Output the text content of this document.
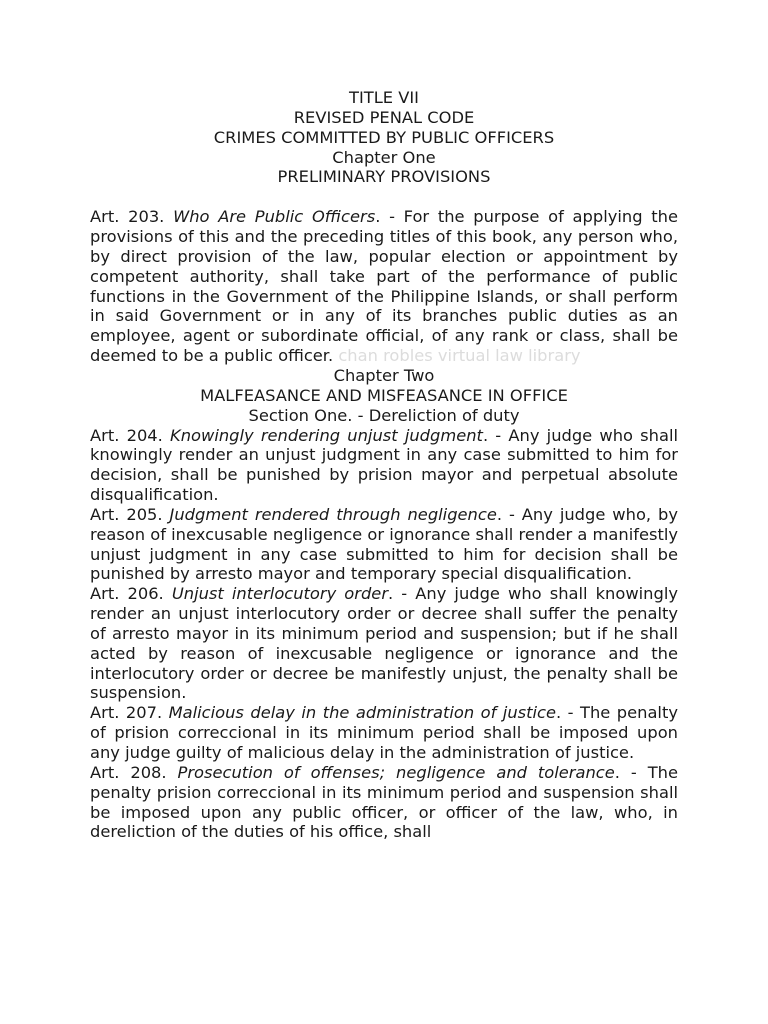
TITLE VII

REVISED PENAL CODE

CRIMES COMMITTED BY PUBLIC OFFICERS

Chapter One

PRELIMINARY PROVISIONS

Art. 203. Who Are Public Officers. - For the purpose of applying the provisions of this and the preceding titles of this book, any person who, by direct provision of the law, popular election or appointment by competent authority, shall take part of the performance of public functions in the Government of the Philippine Islands, or shall perform in said Government or in any of its branches public duties as an employee, agent or subordinate official, of any rank or class, shall be deemed to be a public officer. chan robles virtual law library

Chapter Two

MALFEASANCE AND MISFEASANCE IN OFFICE

Section One. - Dereliction of duty

Art. 204. Knowingly rendering unjust judgment. - Any judge who shall knowingly render an unjust judgment in any case submitted to him for decision, shall be punished by prision mayor and perpetual absolute disqualification.

Art. 205. Judgment rendered through negligence. - Any judge who, by reason of inexcusable negligence or ignorance shall render a manifestly unjust judgment in any case submitted to him for decision shall be punished by arresto mayor and temporary special disqualification.

Art. 206. Unjust interlocutory order. - Any judge who shall knowingly render an unjust interlocutory order or decree shall suffer the penalty of arresto mayor in its minimum period and suspension; but if he shall acted by reason of inexcusable negligence or ignorance and the interlocutory order or decree be manifestly unjust, the penalty shall be suspension.

Art. 207. Malicious delay in the administration of justice. - The penalty of prision correccional in its minimum period shall be imposed upon any judge guilty of malicious delay in the administration of justice.

Art. 208. Prosecution of offenses; negligence and tolerance. - The penalty prision correccional in its minimum period and suspension shall be imposed upon any public officer, or officer of the law, who, in dereliction of the duties of his office, shall
